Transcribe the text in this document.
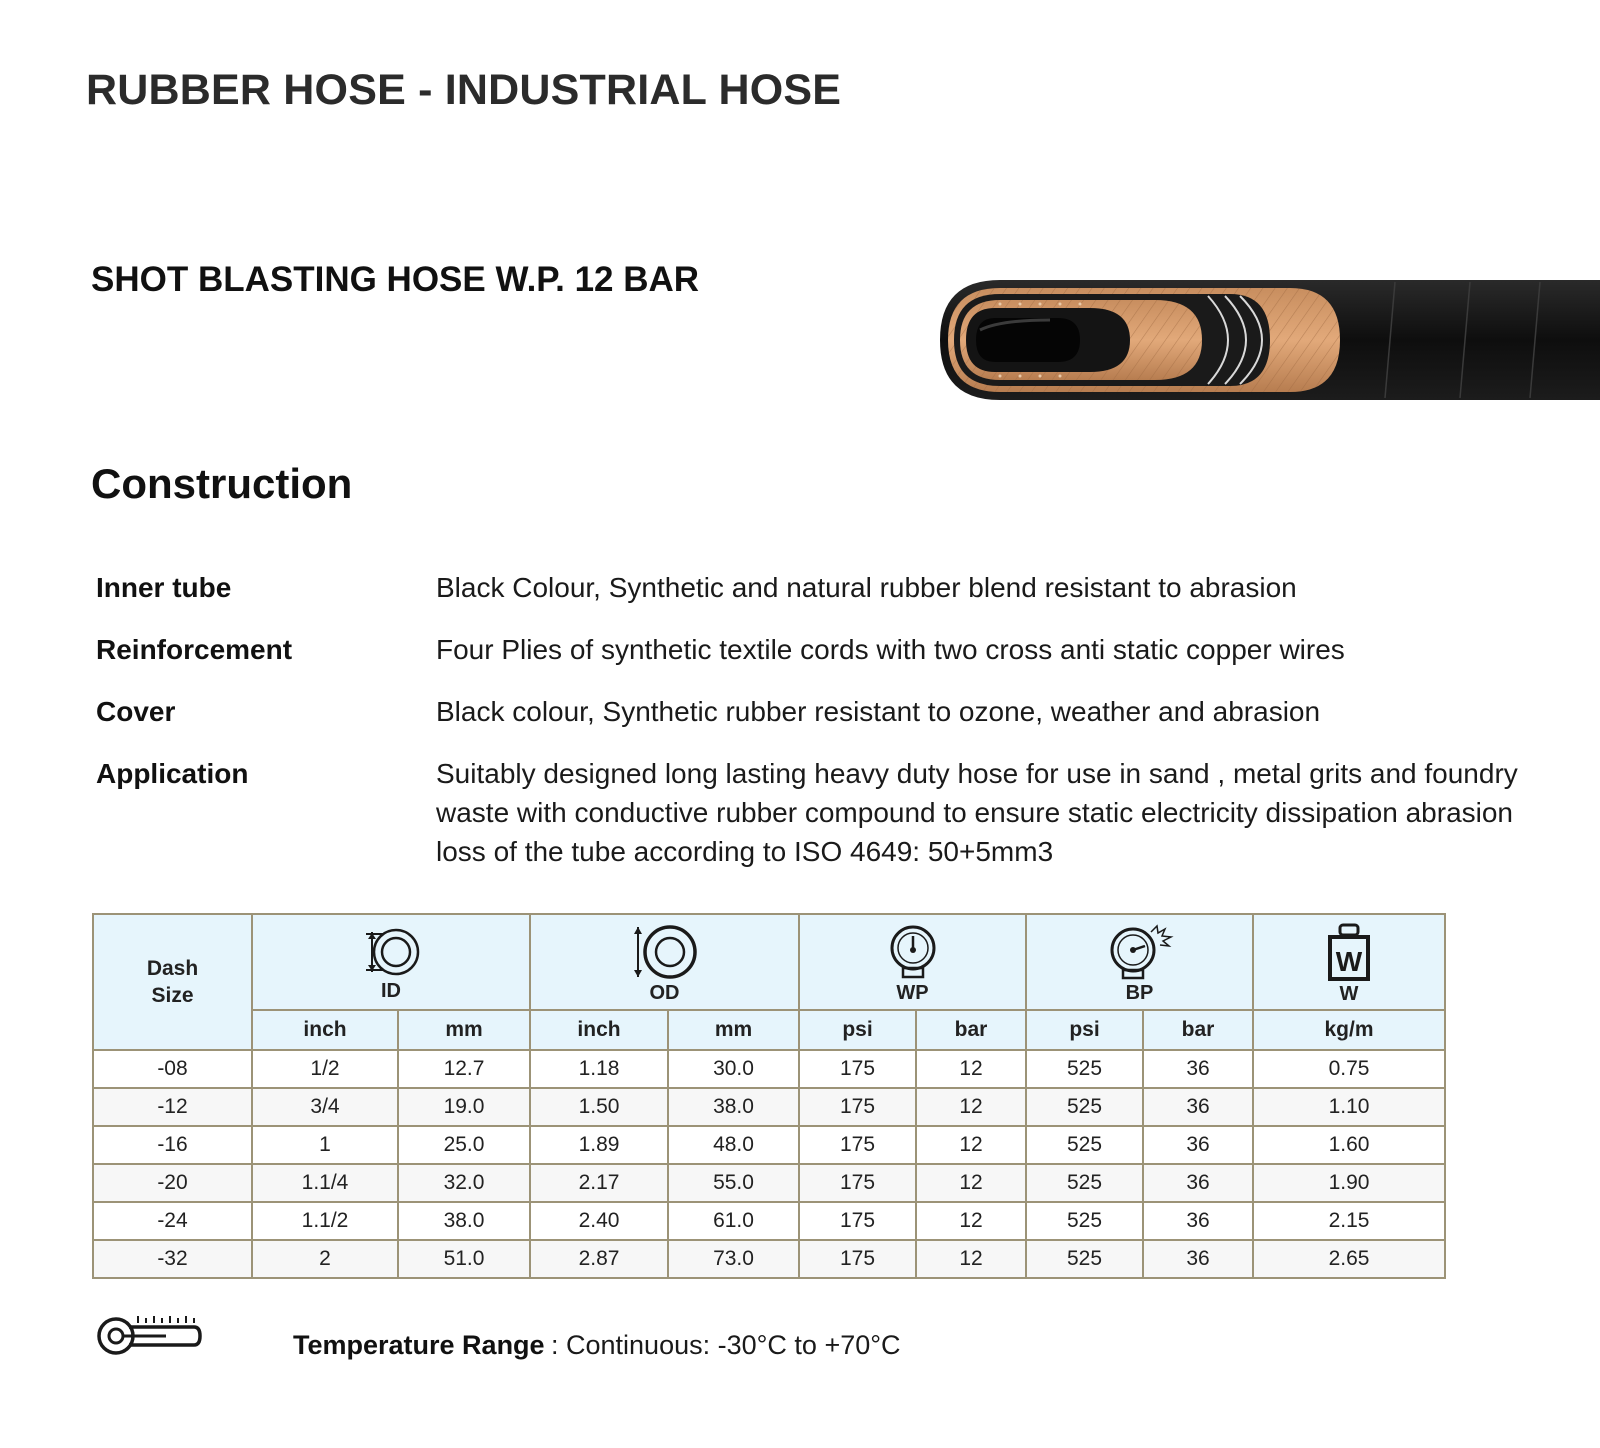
RUBBER HOSE - INDUSTRIAL HOSE
SHOT BLASTING HOSE W.P. 12 BAR
Construction
Inner tube	Black Colour, Synthetic and natural rubber blend resistant to abrasion
Reinforcement	Four Plies of synthetic textile cords with two cross anti static copper wires
Cover	Black colour, Synthetic rubber resistant to ozone, weather and abrasion
Application	Suitably designed long lasting heavy duty hose for use in sand , metal grits and foundry waste with conductive rubber compound to ensure static electricity dissipation abrasion loss of the tube according to ISO 4649: 50+5mm3
Dash
Size	ID		OD		WP		BP		W
W

	inch	mm	inch	mm	psi	bar	psi	bar	kg/m
-08	1/2	12.7	1.18	30.0	175	12	525	36	0.75
-12	3/4	19.0	1.50	38.0	175	12	525	36	1.10
-16	1	25.0	1.89	48.0	175	12	525	36	1.60
-20	1.1/4	32.0	2.17	55.0	175	12	525	36	1.90
-24	1.1/2	38.0	2.40	61.0	175	12	525	36	2.15
-32	2	51.0	2.87	73.0	175	12	525	36	2.65
Temperature Range : Continuous: -30°C to +70°C
